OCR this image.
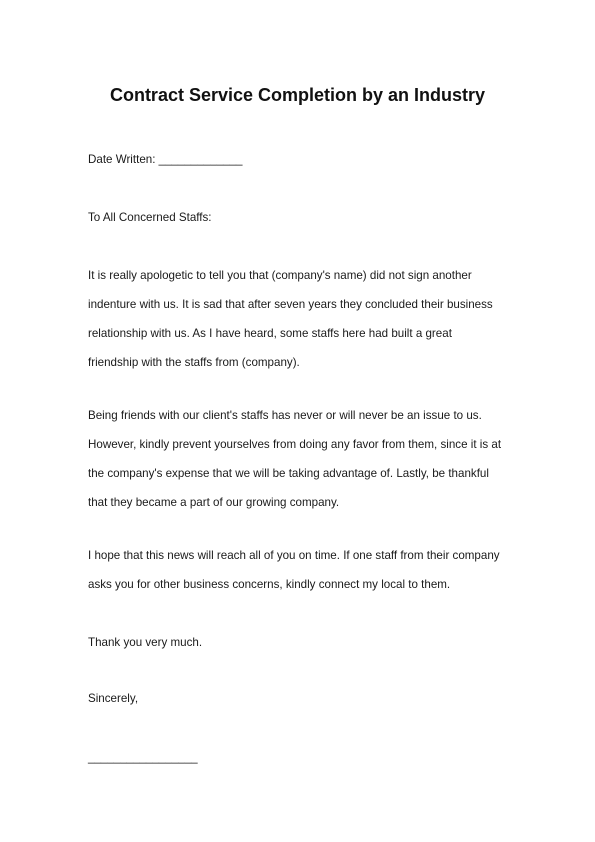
Contract Service Completion by an Industry
Date Written: _____________
To All Concerned Staffs:
It is really apologetic to tell you that (company's name) did not sign another
indenture with us. It is sad that after seven years they concluded their business
relationship with us. As I have heard, some staffs here had built a great
friendship with the staffs from (company).
Being friends with our client's staffs has never or will never be an issue to us.
However, kindly prevent yourselves from doing any favor from them, since it is at
the company's expense that we will be taking advantage of. Lastly, be thankful
that they became a part of our growing company.
I hope that this news will reach all of you on time. If one staff from their company
asks you for other business concerns, kindly connect my local to them.
Thank you very much.
Sincerely,
_________________
